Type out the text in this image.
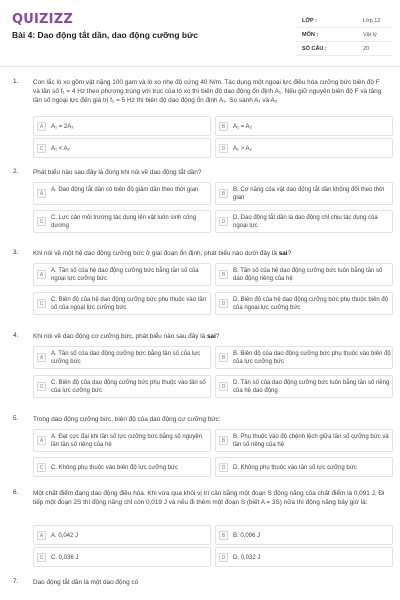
QUIZIZZ
Bài 4: Dao động tắt dần, dao động cưỡng bức
LỚP :	Lớp 12
MÔN :	Vật lý
SỐ CÂU :	20
1. Con lắc lò xo gồm vật nặng 100 gam và lò xo nhẹ độ cứng 40 N/m. Tác dụng một ngoại lực điều hòa cưỡng bức biên độ F và tần số f₁ = 4 Hz theo phương trùng với trục của lò xo thì biên độ dao động ổn định A₁. Nếu giữ nguyên biên độ F và tăng tần số ngoại lực đến giá trị f₂ = 5 Hz thì biên độ dao động ổn định A₂. So sánh A₁ và A₂
A	A₁ = 2A₂	B	A₁ = A₂
C	A₁ < A₂	D	A₁ > A₂
2. Phát biểu nào sau đây là đúng khi nói về dao động tắt dần?
A
A. Dao động tắt dần có biên độ giảm dần theo thời gian
B
B. Cơ năng của vật dao động tắt dần không đổi theo thời gian
C
C. Lực cản môi trường tác dụng lên vật luôn sinh công dương
D
D. Dao động tắt dần là dao động chỉ chịu tác dụng của ngoại lực
3. Khi nói về một hệ dao động cưỡng bức ở giai đoạn ổn định, phát biểu nào dưới đây là sai?
A
A. Tần số của hệ dao động cưỡng bức bằng tần số của ngoại lực cưỡng bức
B
B. Tần số của hệ dao động cưỡng bức luôn bằng tần số dao động riêng của hệ
C
C. Biên độ của hệ dao động cưỡng bức phụ thuộc vào tần số của ngoại lực cưỡng bức
D
D. Biên độ của hệ dao động cưỡng bức phụ thuộc biên độ của ngoại lực cưỡng bức
4. Khi nói về dao động cơ cưỡng bức, phát biểu nào sau đây là sai?
A
A. Tần số của dao động cưỡng bức bằng tần số của lực cưỡng bức
B
B. Biên độ của dao động cưỡng bức phụ thuộc vào biên độ của lực cưỡng bức
C
C. Biên độ của dao động cưỡng bức phụ thuộc vào tần số của lực cưỡng bức
D
D. Tần số của dao động cưỡng bức luôn bằng tần số riêng của hệ dao động
5. Trong dao động cưỡng bức, biên độ của dao động cư cưỡng bức:
A
A. Đạt cực đại khi tần số lực cưỡng bức bằng số nguyên lần tần số riêng của hệ
B
B. Phụ thuộc vào độ chệnh lệch giữa tần số cưỡng bức và tần số riêng của hệ
C	C. Không phụ thuộc vào biên độ lực cưỡng bức	D	D. Không phụ thuộc vào tần số lực cưỡng bức
6. Một chất điểm đang dao động điều hòa. Khi vừa qua khỏi vị trí cân bằng một đoạn S động năng của chất điểm là 0,091 J. Đi tiếp một đoạn 2S thì động năng chỉ còn 0,019 J và nếu đi thêm một đoạn S (biết A = 3S) nữa thì động năng bây giờ là:
A	A. 0,042 J	B	B. 0,096 J
C	C. 0,036 J	D	D. 0,032 J
7. Dao động tắt dần là một dao động có
